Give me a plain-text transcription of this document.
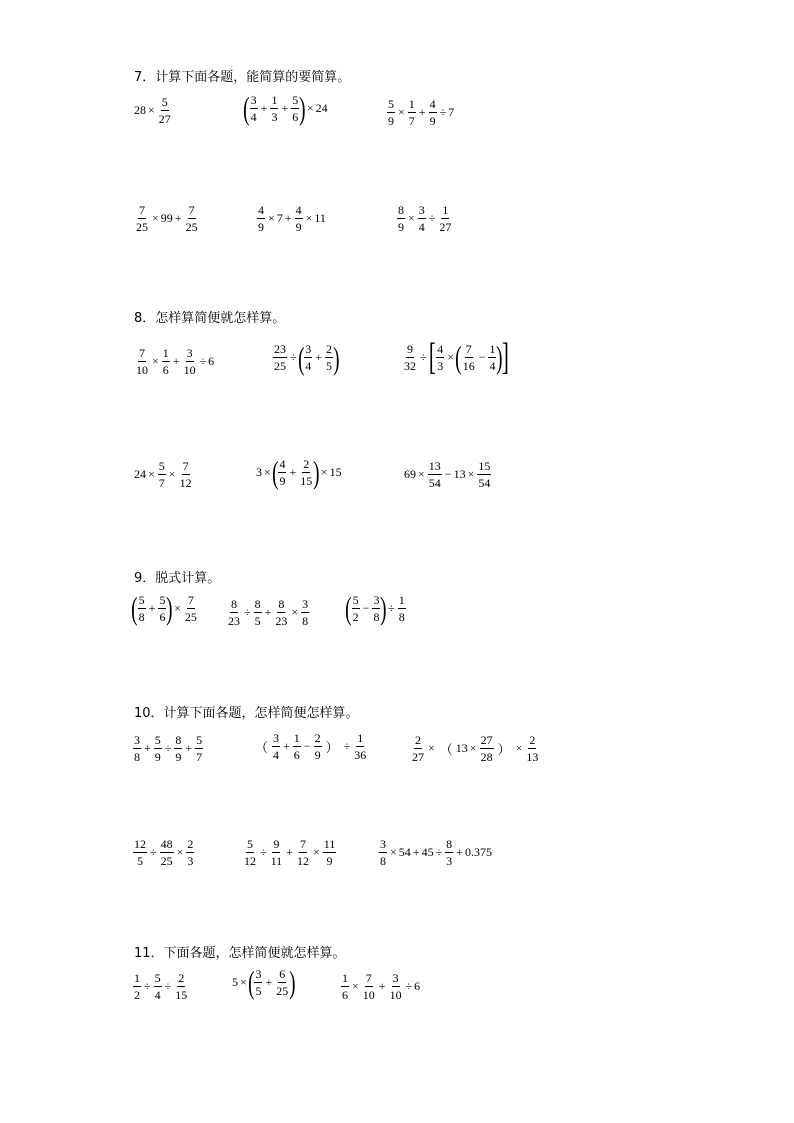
7．计算下面各题，能简算的要简算。
$28 \times \frac{5}{27}$ ( $\frac{3}{4} + \frac{1}{3} + \frac{5}{6}$ ) × 24	$\frac{5}{9} \times \frac{1}{7} + \frac{4}{9} \div 7$
$\frac{7}{25} \times 99 + \frac{7}{25}$	$\frac{4}{9} \times 7 + \frac{4}{9} \times 11$	$\frac{8}{9} \times \frac{3}{4} \div \frac{1}{27}$
8．怎样算简便就怎样算。
$\frac{7}{10} \times \frac{1}{6} + \frac{3}{10} \div 6$	$\frac{23}{25}$ ÷ ( $\frac{3}{4} + \frac{2}{5}$ )	$\frac{9}{32}$ ÷ [ $\frac{4}{3}$ × ( $\frac{7}{16} - \frac{1}{4}$ )
]
$24 \times \frac{5}{7} \times \frac{7}{12}$	3 × ( $\frac{4}{9} + \frac{2}{15}$ ) × 15	$69 \times \frac{13}{54} - 13 \times \frac{15}{54}$
9．脱式计算。
( $\frac{5}{8} + \frac{5}{6}$ ) × $\frac{7}{25} \frac{8}{23} \div \frac{8}{5} + \frac{8}{23} \times \frac{3}{8}$ ( $\frac{5}{2} - \frac{3}{8}$ ) ÷ $\frac{1}{8}$
10．计算下面各题，怎样简便怎样算。
$\frac{3}{8} + \frac{5}{9} \div \frac{8}{9} + \frac{5}{7}$	（ $\frac{3}{4} + \frac{1}{6} - \frac{2}{9}$ ） ÷ $\frac{1}{36}$	$\frac{2}{27}$ × （ $13 \times \frac{27}{28}$ ） × $\frac{2}{13}$
$\frac{12}{5} \div \frac{48}{25} \times \frac{2}{3}$	$\frac{5}{12} \div \frac{9}{11} + \frac{7}{12} \times \frac{11}{9}$	$\frac{3}{8} \times 54 + 45 \div \frac{8}{3} + 0.375$
11．下面各题，怎样简便就怎样算。
$\frac{1}{2} \div \frac{5}{4} \div \frac{2}{15}$	5 × ( $\frac{3}{5} + \frac{6}{25}$ )	$\frac{1}{6} \times \frac{7}{10} + \frac{3}{10} \div 6$
